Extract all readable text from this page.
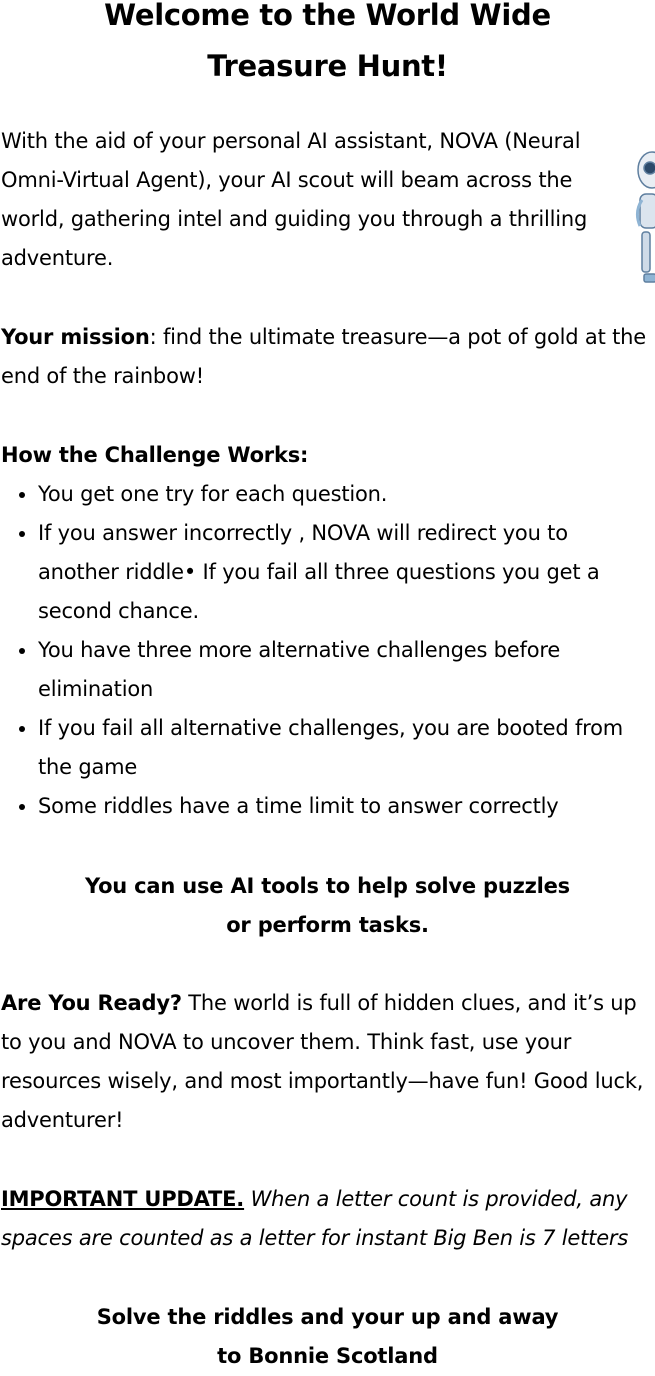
Welcome to the World Wide
Treasure Hunt!
With the aid of your personal AI assistant, NOVA (Neural Omni-Virtual Agent), your AI scout will beam across the world, gathering intel and guiding you through a thrilling adventure.
Your mission: find the ultimate treasure—a pot of gold at the end of the rainbow!
How the Challenge Works:
• You get one try for each question.
• If you answer incorrectly , NOVA will redirect you to another riddle• If you fail all three questions you get a second chance.
• You have three more alternative challenges before elimination
• If you fail all alternative challenges, you are booted from the game
• Some riddles have a time limit to answer correctly
You can use AI tools to help solve puzzles
or perform tasks.
Are You Ready? The world is full of hidden clues, and it’s up to you and NOVA to uncover them. Think fast, use your resources wisely, and most importantly—have fun! Good luck, adventurer!
IMPORTANT UPDATE. When a letter count is provided, any spaces are counted as a letter for instant Big Ben is 7 letters
Solve the riddles and your up and away
to Bonnie Scotland
